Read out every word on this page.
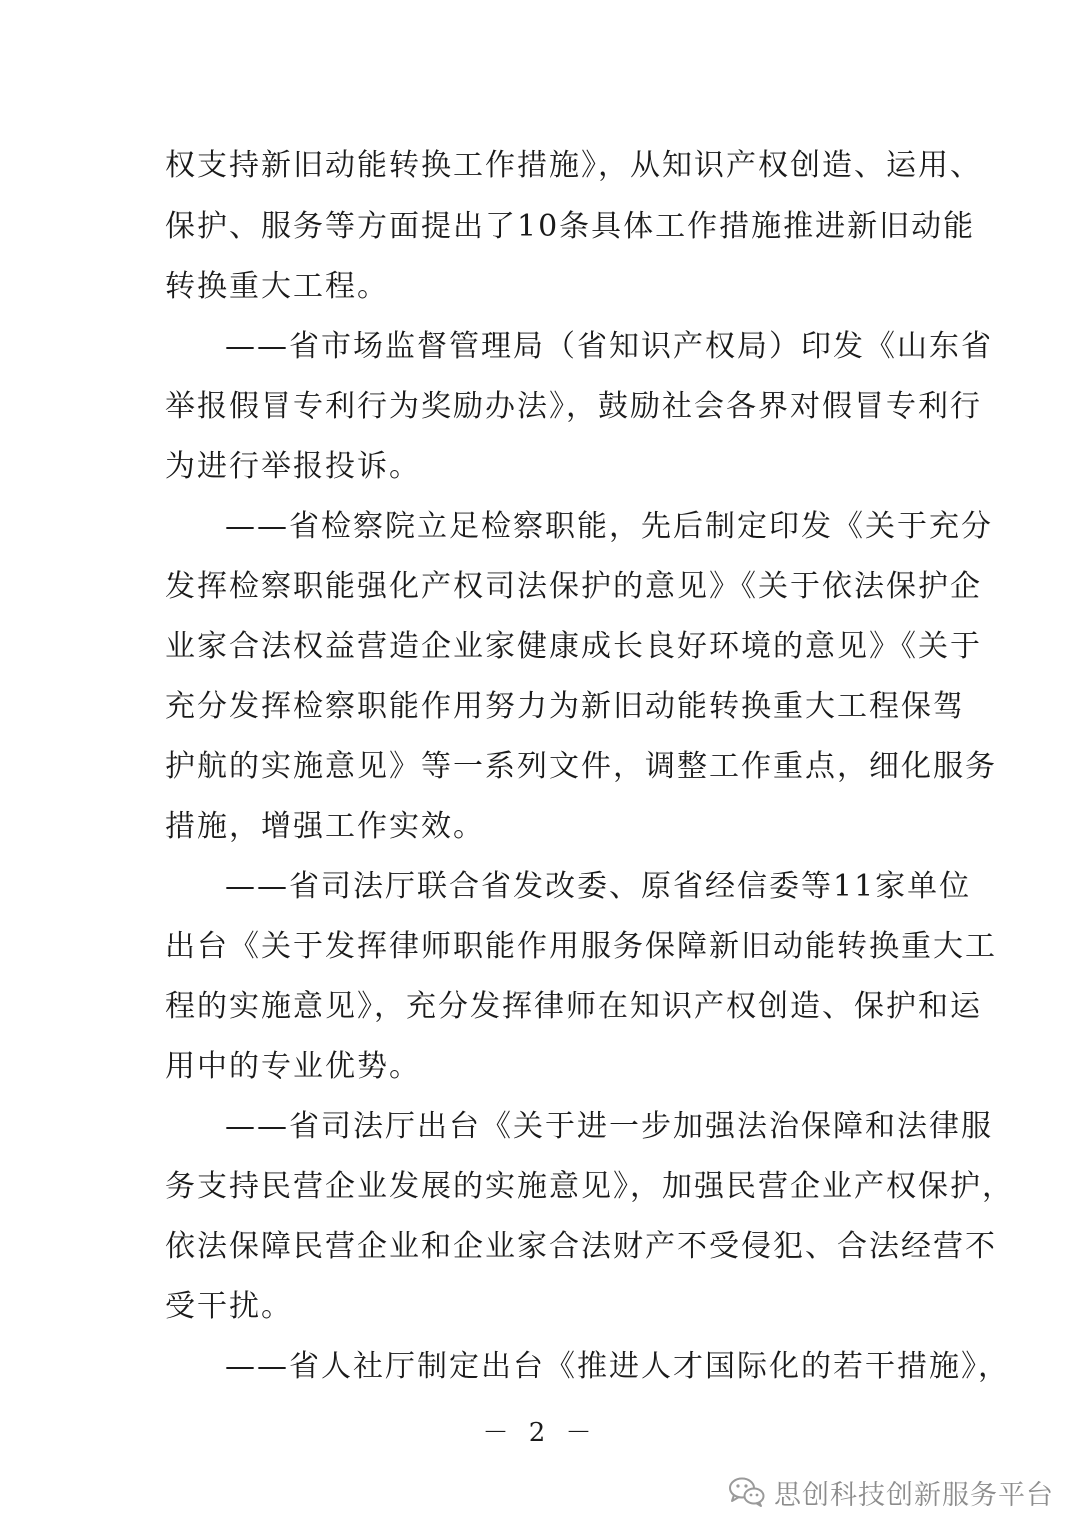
权支持新旧动能转换工作措施》，从知识产权创造、运用、
保护、服务等方面提出了10条具体工作措施推进新旧动能
转换重大工程。
——省市场监督管理局（省知识产权局）印发《山东省
举报假冒专利行为奖励办法》，鼓励社会各界对假冒专利行
为进行举报投诉。
——省检察院立足检察职能，先后制定印发《关于充分
发挥检察职能强化产权司法保护的意见》《关于依法保护企
业家合法权益营造企业家健康成长良好环境的意见》《关于
充分发挥检察职能作用努力为新旧动能转换重大工程保驾
护航的实施意见》等一系列文件，调整工作重点，细化服务
措施，增强工作实效。
——省司法厅联合省发改委、原省经信委等11家单位
出台《关于发挥律师职能作用服务保障新旧动能转换重大工
程的实施意见》，充分发挥律师在知识产权创造、保护和运
用中的专业优势。
——省司法厅出台《关于进一步加强法治保障和法律服
务支持民营企业发展的实施意见》，加强民营企业产权保护，
依法保障民营企业和企业家合法财产不受侵犯、合法经营不
受干扰。
——省人社厅制定出台《推进人才国际化的若干措施》，
－ 2 －
思创科技创新服务平台
